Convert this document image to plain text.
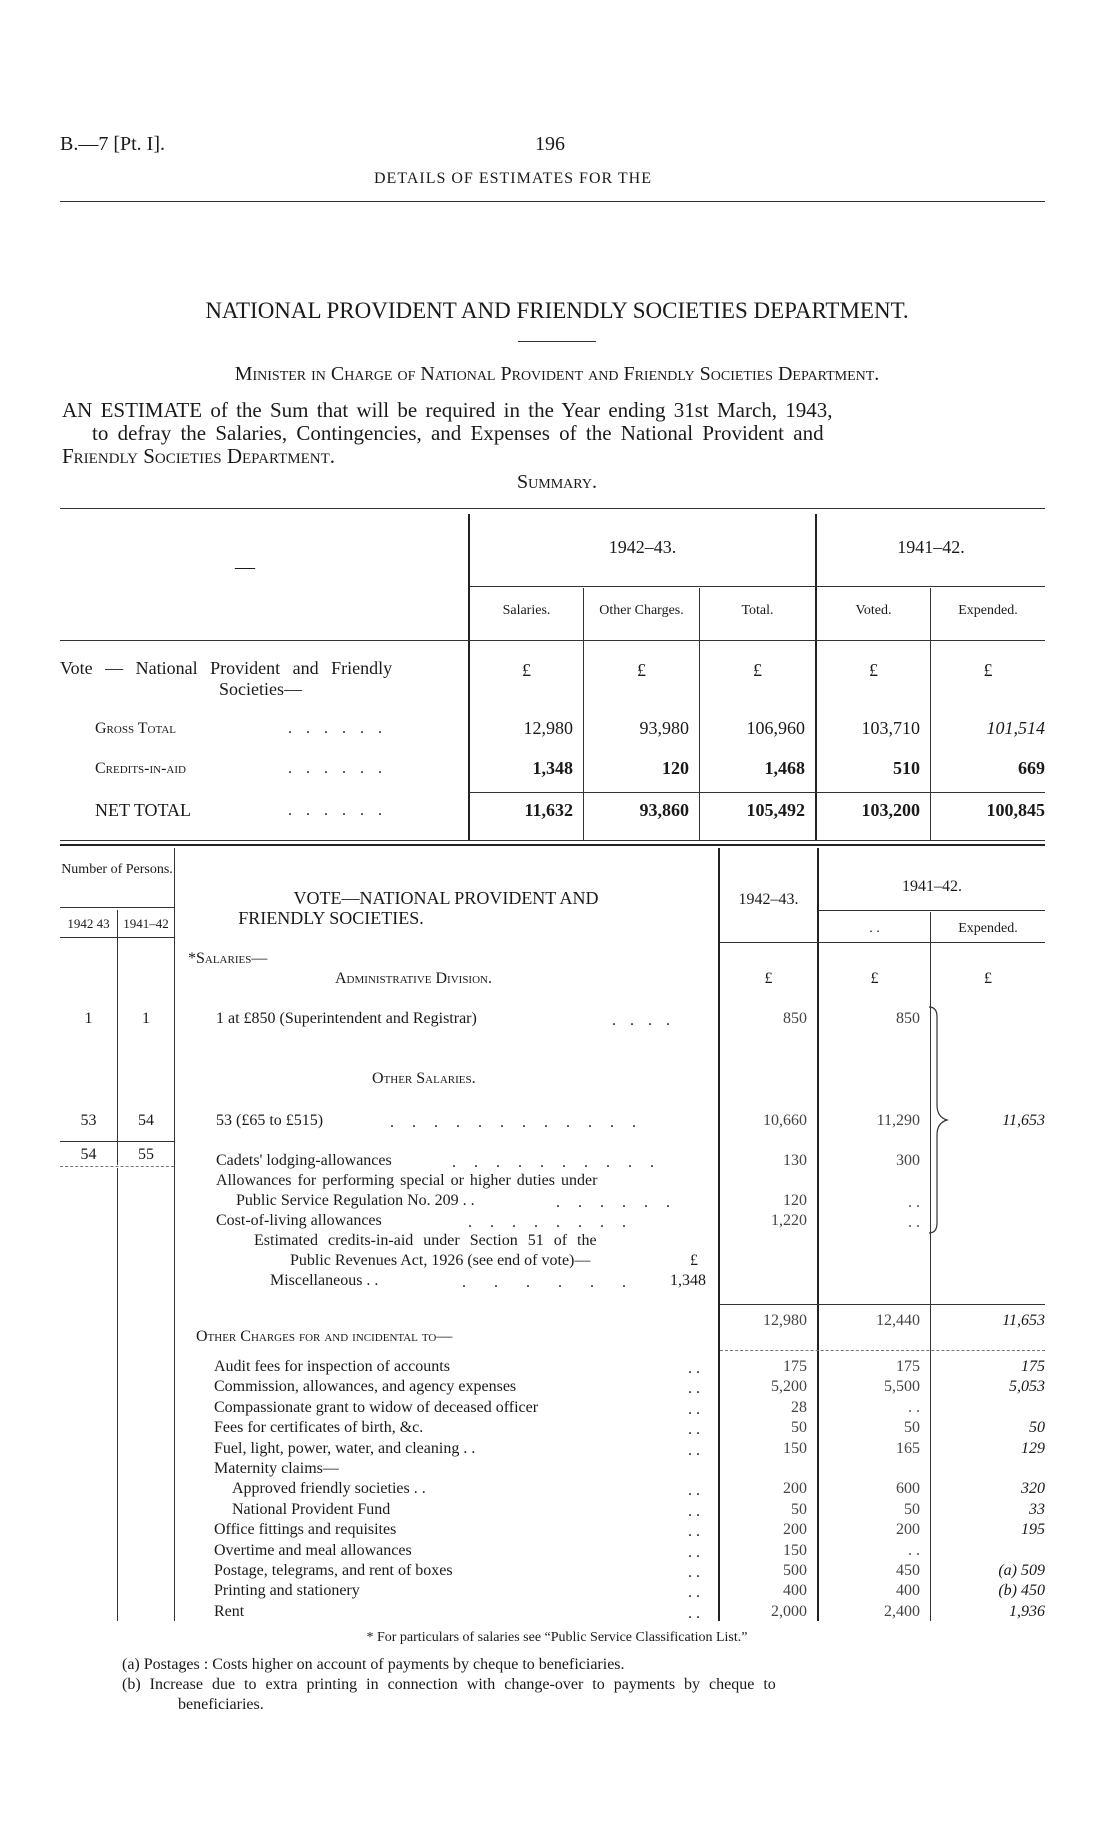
B.—7 [Pt. I].	196
DETAILS OF ESTIMATES FOR THE
NATIONAL PROVIDENT AND FRIENDLY SOCIETIES DEPARTMENT.
Minister in Charge of National Provident and Friendly Societies Department.
AN ESTIMATE of the Sum that will be required in the Year ending 31st March, 1943,
to defray the Salaries, Contingencies, and Expenses of the National Provident and
Friendly Societies Department.
Summary.
—
1942–43.	1941–42.
Salaries.	Other Charges.	Total.	Voted.	Expended.
Vote — National Provident and Friendly
Societies—
£	£	£	£	£
Gross Total	. . . . . .	12,980	93,980	106,960	103,710	101,514
Credits-in-aid	. . . . . .	1,348	120	1,468	510	669
NET TOTAL	. . . . . .	11,632	93,860	105,492	103,200	100,845
Number of Persons.
1942 43	1941–42
VOTE—NATIONAL PROVIDENT AND
FRIENDLY SOCIETIES.
1942–43.
1941–42.
. .	Expended.
*Salaries—
Administrative Division.	£	£	£
1	1	1 at £850 (Superintendent and Registrar)	. . . .	850	850
Other Salaries.
53	54	53 (£65 to £515)	. . . . . . . . . . . .	10,660	11,290	11,653
54	55	Cadets' lodging-allowances	. . . . . . . . . .	130	300
Allowances for performing special or higher duties under
Public Service Regulation No. 209 . .	. . . . . .	120	. .
Cost-of-living allowances	. . . . . . . .	1,220	. .
Estimated credits-in-aid under Section 51 of the
Public Revenues Act, 1926 (see end of vote)—	£
Miscellaneous . .	. . . . . .	1,348
12,980	12,440	11,653
Other Charges for and incidental to—
Audit fees for inspection of accounts	. .	175	175	175
Commission, allowances, and agency expenses	. .	5,200	5,500	5,053
Compassionate grant to widow of deceased officer	. .	28	. .
Fees for certificates of birth, &c.	. .	50	50	50
Fuel, light, power, water, and cleaning . .	. .	150	165	129
Maternity claims—
Approved friendly societies . .	. .	200	600	320
National Provident Fund	. .	50	50	33
Office fittings and requisites	. .	200	200	195
Overtime and meal allowances	. .	150	. .
Postage, telegrams, and rent of boxes	. .	500	450	(a) 509
Printing and stationery	. .	400	400	(b) 450
Rent	. .	2,000	2,400	1,936
* For particulars of salaries see “Public Service Classification List.”
(a) Postages : Costs higher on account of payments by cheque to beneficiaries.
(b) Increase due to extra printing in connection with change-over to payments by cheque to
beneficiaries.
